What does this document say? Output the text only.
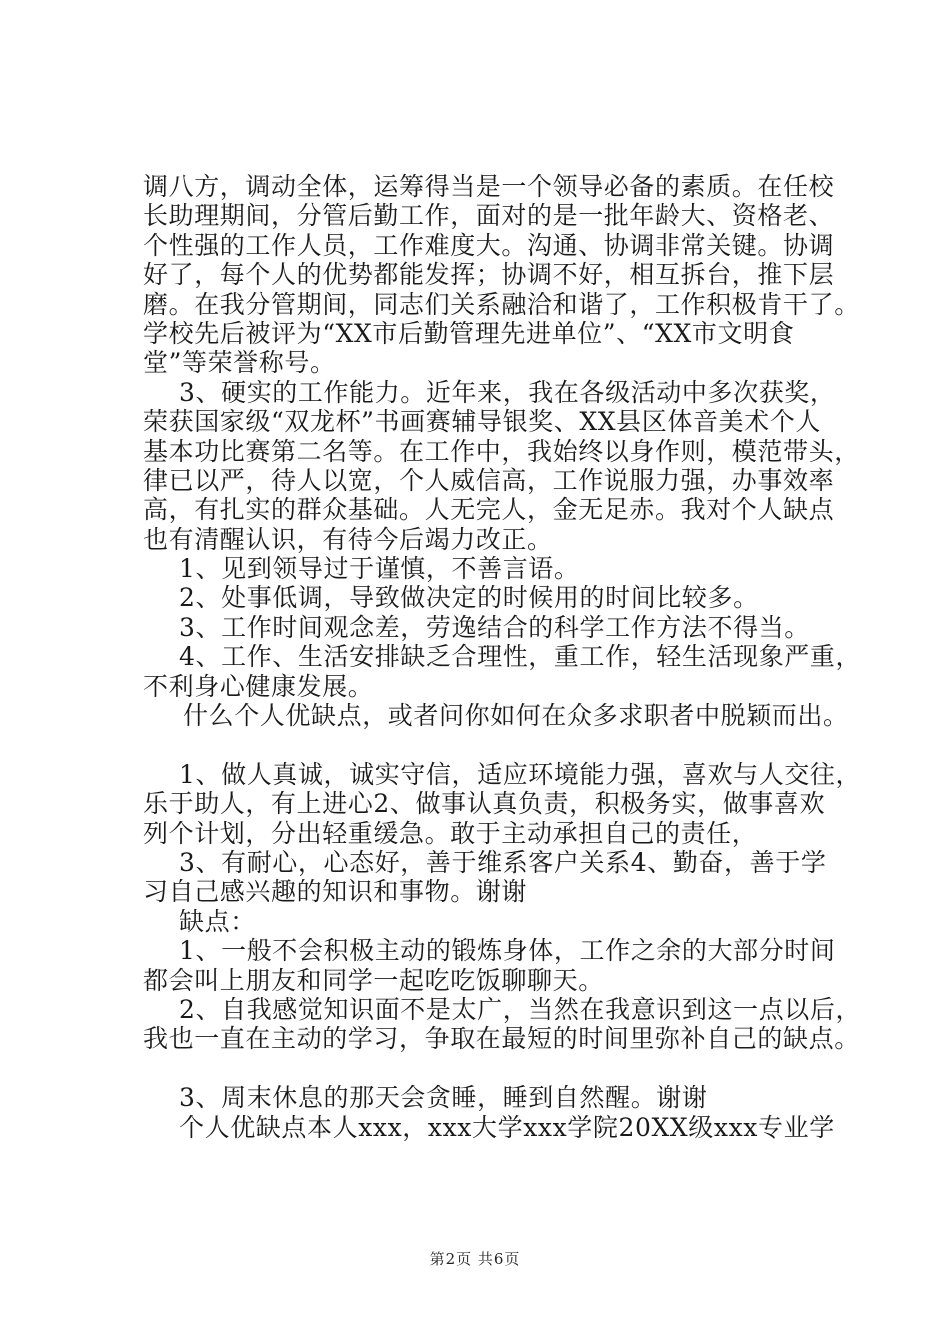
调八方，调动全体，运筹得当是一个领导必备的素质。在任校
长助理期间，分管后勤工作，面对的是一批年龄大、资格老、
个性强的工作人员，工作难度大。沟通、协调非常关键。协调
好了，每个人的优势都能发挥；协调不好，相互拆台，推下层
磨。在我分管期间，同志们关系融洽和谐了，工作积极肯干了。
学校先后被评为“XX市后勤管理先进单位”、“XX市文明食
堂”等荣誉称号。
3、硬实的工作能力。近年来，我在各级活动中多次获奖，
荣获国家级“双龙杯”书画赛辅导银奖、XX县区体音美术个人
基本功比赛第二名等。在工作中，我始终以身作则，模范带头，
律已以严，待人以宽，个人威信高，工作说服力强，办事效率
高，有扎实的群众基础。人无完人，金无足赤。我对个人缺点
也有清醒认识，有待今后竭力改正。
1、见到领导过于谨慎，不善言语。
2、处事低调，导致做决定的时候用的时间比较多。
3、工作时间观念差，劳逸结合的科学工作方法不得当。
4、工作、生活安排缺乏合理性，重工作，轻生活现象严重，
不利身心健康发展。
什么个人优缺点，或者问你如何在众多求职者中脱颖而出。
1、做人真诚，诚实守信，适应环境能力强，喜欢与人交往，
乐于助人，有上进心2、做事认真负责，积极务实，做事喜欢
列个计划，分出轻重缓急。敢于主动承担自己的责任，
3、有耐心，心态好，善于维系客户关系4、勤奋，善于学
习自己感兴趣的知识和事物。谢谢
缺点：
1、一般不会积极主动的锻炼身体，工作之余的大部分时间
都会叫上朋友和同学一起吃吃饭聊聊天。
2、自我感觉知识面不是太广，当然在我意识到这一点以后，
我也一直在主动的学习，争取在最短的时间里弥补自己的缺点。
3、周末休息的那天会贪睡，睡到自然醒。谢谢
个人优缺点本人xxx，xxx大学xxx学院20XX级xxx专业学
第2页 共6页
